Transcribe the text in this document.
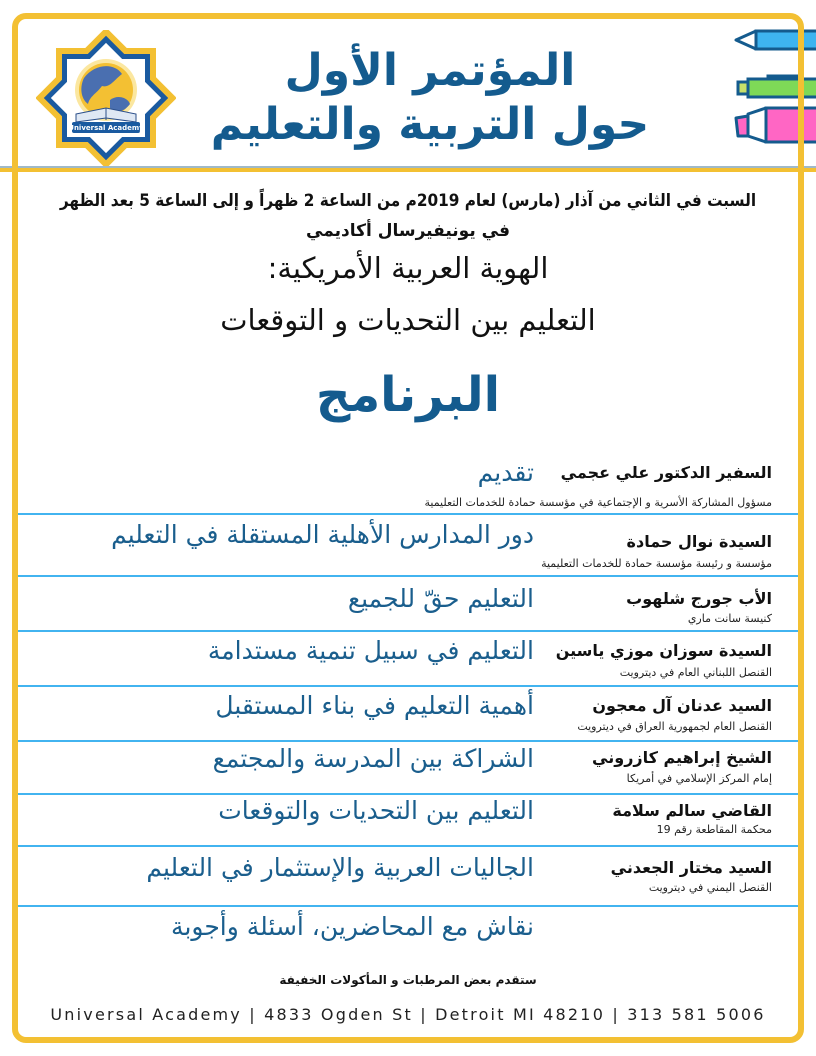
Universal Academy
المؤتمر الأول
حول التربية والتعليم
السبت في الثاني من آذار (مارس) لعام 2019م من الساعة 2 ظهراً و إلى الساعة 5 بعد الظهر
في يونيفيرسال أكاديمي
الهوية العربية الأمريكية:
التعليم بين التحديات و التوقعات
البرنامج
السفير الدكتور علي عجمي
تقديم
مسؤول المشاركة الأسرية و الإجتماعية في مؤسسة حمادة للخدمات التعليمية
السيدة نوال حمادة
دور المدارس الأهلية المستقلة في التعليم
مؤسسة و رئيسة مؤسسة حمادة للخدمات التعليمية
الأب جورج شلهوب
التعليم حقّ للجميع
كنيسة سانت ماري
السيدة سوزان موزي ياسين
التعليم في سبيل تنمية مستدامة
القنصل اللبناني العام في ديترويت
السيد عدنان آل معجون
أهمية التعليم في بناء المستقبل
القنصل العام لجمهورية العراق في ديترويت
الشيخ إبراهيم كازروني
الشراكة بين المدرسة والمجتمع
إمام المركز الإسلامي في أمريكا
القاضي سالم سلامة
التعليم بين التحديات والتوقعات
محكمة المقاطعة رقم 19
السيد مختار الجعدني
الجاليات العربية والإستثمار في التعليم
القنصل اليمني في ديترويت
نقاش مع المحاضرين، أسئلة وأجوبة
ستقدم بعض المرطبات و المأكولات الخفيفة
Universal Academy | 4833 Ogden St | Detroit MI 48210 | 313 581 5006
